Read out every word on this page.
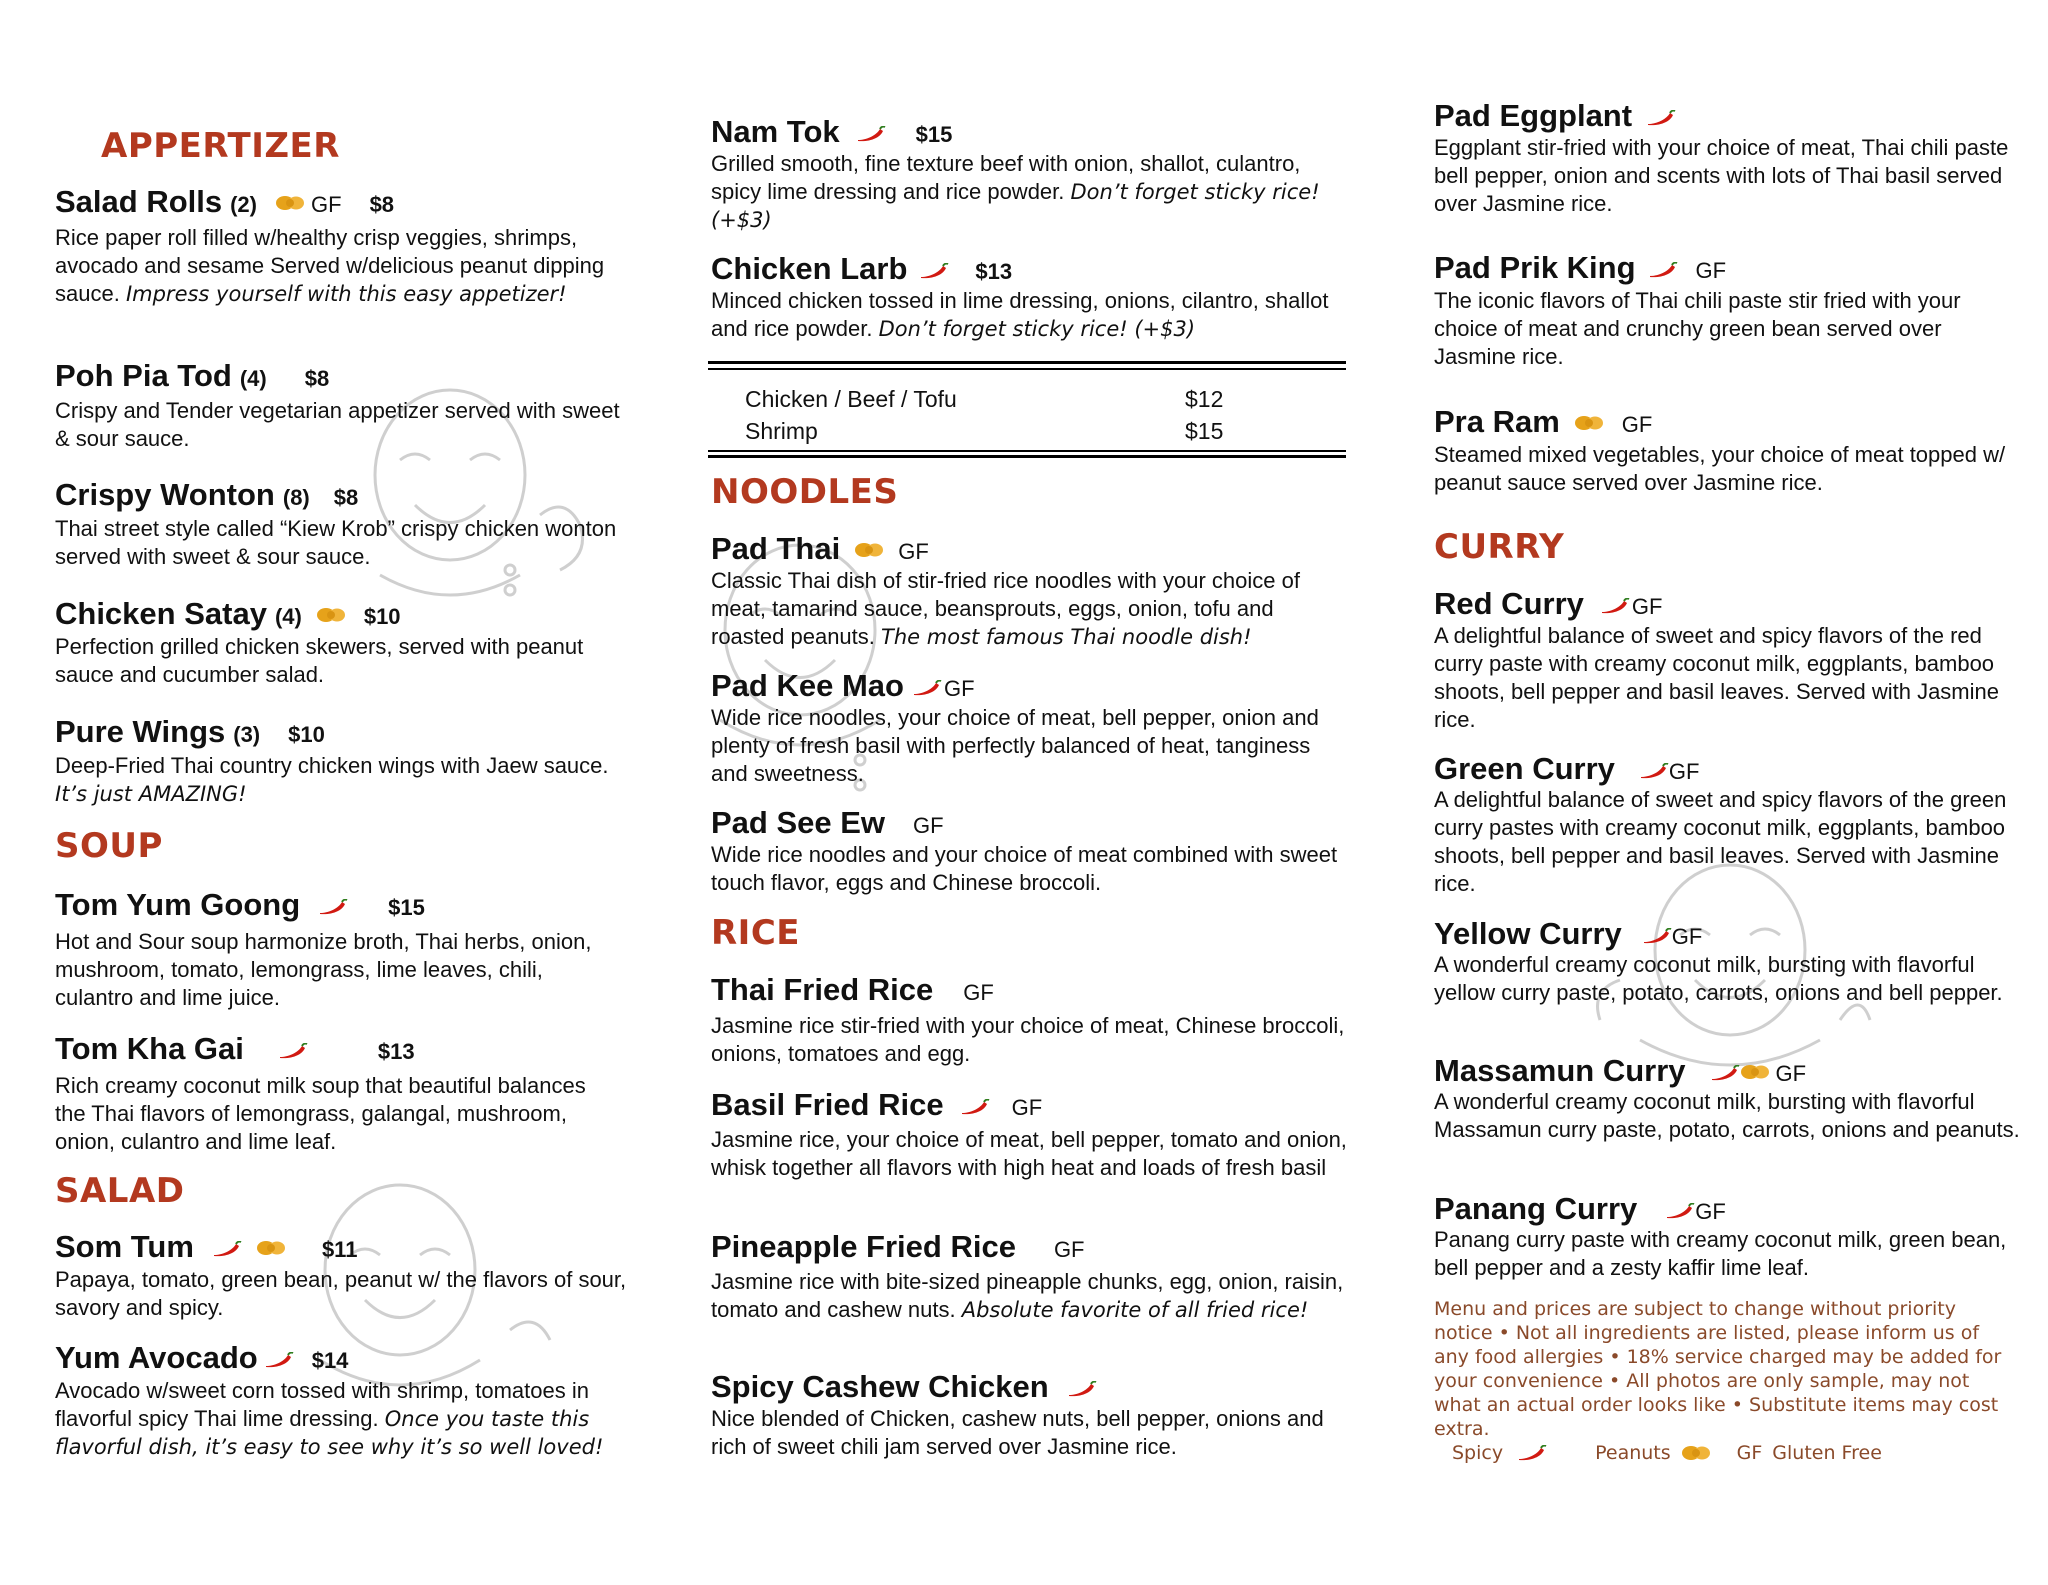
APPERTIZER
Salad Rolls (2) GF $8
Rice paper roll filled w/healthy crisp veggies, shrimps, avocado and sesame Served w/delicious peanut dipping sauce. Impress yourself with this easy appetizer!
Poh Pia Tod (4) $8
Crispy and Tender vegetarian appetizer served with sweet & sour sauce.
Crispy Wonton (8) $8
Thai street style called “Kiew Krob” crispy chicken wonton served with sweet & sour sauce.
Chicken Satay (4)	$10
Perfection grilled chicken skewers, served with peanut sauce and cucumber salad.
Pure Wings (3) $10
Deep-Fried Thai country chicken wings with Jaew sauce. It’s just AMAZING!
SOUP
Tom Yum Goong	$15
Hot and Sour soup harmonize broth, Thai herbs, onion, mushroom, tomato, lemongrass, lime leaves, chili, culantro and lime juice.
Tom Kha Gai	$13
Rich creamy coconut milk soup that beautiful balances the Thai flavors of lemongrass, galangal, mushroom, onion, culantro and lime leaf.
SALAD
Som Tum	$11
Papaya, tomato, green bean, peanut w/ the flavors of sour, savory and spicy.
Yum Avocado $14
Avocado w/sweet corn tossed with shrimp, tomatoes in flavorful spicy Thai lime dressing. Once you taste this flavorful dish, it’s easy to see why it’s so well loved!
Nam Tok	$15
Grilled smooth, fine texture beef with onion, shallot, culantro, spicy lime dressing and rice powder. Don’t forget sticky rice! (+$3)
Chicken Larb	$13
Minced chicken tossed in lime dressing, onions, cilantro, shallot and rice powder. Don’t forget sticky rice! (+$3)
Chicken / Beef / Tofu	$12
Shrimp	$15
NOODLES
Pad Thai	GF
Classic Thai dish of stir-fried rice noodles with your choice of meat, tamarind sauce, beansprouts, eggs, onion, tofu and roasted peanuts. The most famous Thai noodle dish!
Pad Kee Mao GF
Wide rice noodles, your choice of meat, bell pepper, onion and plenty of fresh basil with perfectly balanced of heat, tanginess and sweetness.
Pad See Ew GF
Wide rice noodles and your choice of meat combined with sweet touch flavor, eggs and Chinese broccoli.
RICE
Thai Fried Rice GF
Jasmine rice stir-fried with your choice of meat, Chinese broccoli, onions, tomatoes and egg.
Basil Fried Rice	GF
Jasmine rice, your choice of meat, bell pepper, tomato and onion, whisk together all flavors with high heat and loads of fresh basil
Pineapple Fried Rice GF
Jasmine rice with bite-sized pineapple chunks, egg, onion, raisin, tomato and cashew nuts. Absolute favorite of all fried rice!
Spicy Cashew Chicken
Nice blended of Chicken, cashew nuts, bell pepper, onions and rich of sweet chili jam served over Jasmine rice.
Pad Eggplant
Eggplant stir-fried with your choice of meat, Thai chili paste bell pepper, onion and scents with lots of Thai basil served over Jasmine rice.
Pad Prik King	GF
The iconic flavors of Thai chili paste stir fried with your choice of meat and crunchy green bean served over Jasmine rice.
Pra Ram	GF
Steamed mixed vegetables, your choice of meat topped w/ peanut sauce served over Jasmine rice.
CURRY
Red Curry GF
A delightful balance of sweet and spicy flavors of the red curry paste with creamy coconut milk, eggplants, bamboo shoots, bell pepper and basil leaves. Served with Jasmine rice.
Green Curry GF
A delightful balance of sweet and spicy flavors of the green curry pastes with creamy coconut milk, eggplants, bamboo shoots, bell pepper and basil leaves. Served with Jasmine rice.
Yellow Curry GF
A wonderful creamy coconut milk, bursting with flavorful yellow curry paste, potato, carrots, onions and bell pepper.
Massamun Curry	GF
A wonderful creamy coconut milk, bursting with flavorful Massamun curry paste, potato, carrots, onions and peanuts.
Panang Curry	GF
Panang curry paste with creamy coconut milk, green bean, bell pepper and a zesty kaffir lime leaf.
Menu and prices are subject to change without priority notice • Not all ingredients are listed, please inform us of any food allergies • 18% service charged may be added for your convenience • All photos are only sample, may not what an actual order looks like • Substitute items may cost extra.
Spicy	Peanuts	GF Gluten Free
